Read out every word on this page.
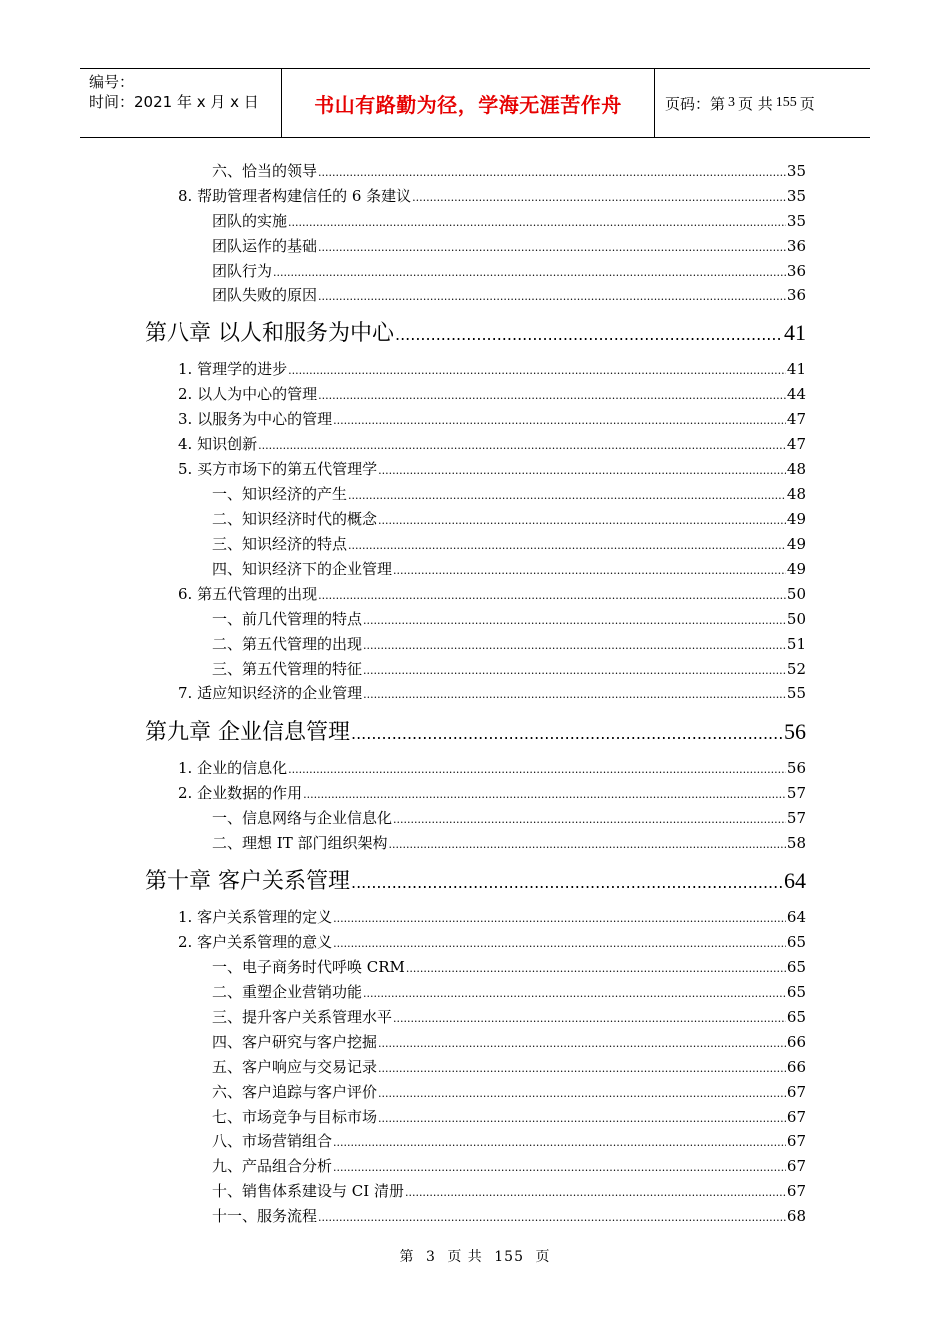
编号：
时间：2021 年 x 月 x 日	书山有路勤为径，学海无涯苦作舟	页码：第 3 页 共 155 页
六、恰当的领导 .....	35
8. 帮助管理者构建信任的 6 条建议 .....	35
团队的实施 .....	35
团队运作的基础 .....	36
团队行为 .....	36
团队失败的原因 .....	36
第八章 以人和服务为中心 .....	41
1. 管理学的进步 .....	41
2. 以人为中心的管理 .....	44
3. 以服务为中心的管理 .....	47
4. 知识创新 .....	47
5. 买方市场下的第五代管理学 .....	48
一、知识经济的产生 .....	48
二、知识经济时代的概念 .....	49
三、知识经济的特点 .....	49
四、知识经济下的企业管理 .....	49
6. 第五代管理的出现 .....	50
一、前几代管理的特点 .....	50
二、第五代管理的出现 .....	51
三、第五代管理的特征 .....	52
7. 适应知识经济的企业管理 .....	55
第九章 企业信息管理 .....	56
1. 企业的信息化 .....	56
2. 企业数据的作用 .....	57
一、信息网络与企业信息化 .....	57
二、理想 IT 部门组织架构 .....	58
第十章 客户关系管理 .....	64
1. 客户关系管理的定义 .....	64
2. 客户关系管理的意义 .....	65
一、电子商务时代呼唤 CRM .....	65
二、重塑企业营销功能 .....	65
三、提升客户关系管理水平 .....	65
四、客户研究与客户挖掘 .....	66
五、客户响应与交易记录 .....	66
六、客户追踪与客户评价 .....	67
七、市场竞争与目标市场 .....	67
八、市场营销组合 .....	67
九、产品组合分析 .....	67
十、销售体系建设与 CI 清册 .....	67
十一、服务流程 .....	68
第 3 页 共 155 页
